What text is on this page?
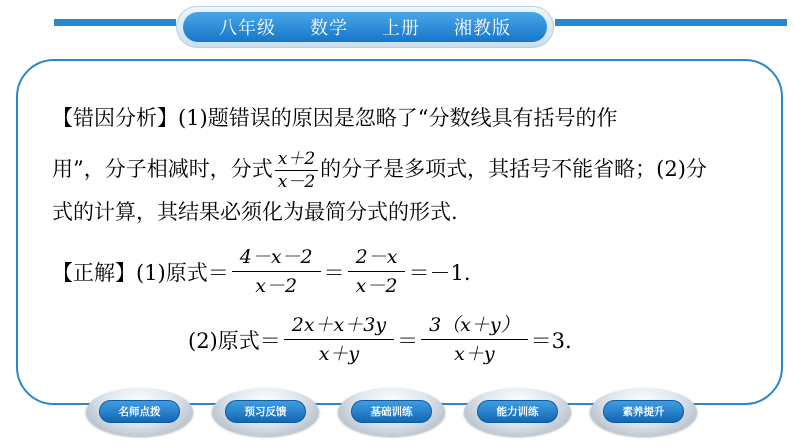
八年级 数学 上册 湘教版
【错因分析】(1)题错误的原因是忽略了“分数线具有括号的作
用”，分子相减时，分式 $\frac{x+2}{x-2}$ 的分子是多项式，其括号不能省略；(2)分
式的计算，其结果必须化为最简分式的形式.
【正解】(1)原式＝ $\frac{4-x-2}{x-2} = \frac{2-x}{x-2} =-1$.
(2)原式＝ $\frac{2x+x+3y}{x+y} = \frac{3(x+y)}{x+y} =3$.
名师点拨	预习反馈	基础训练	能力训练	素养提升
